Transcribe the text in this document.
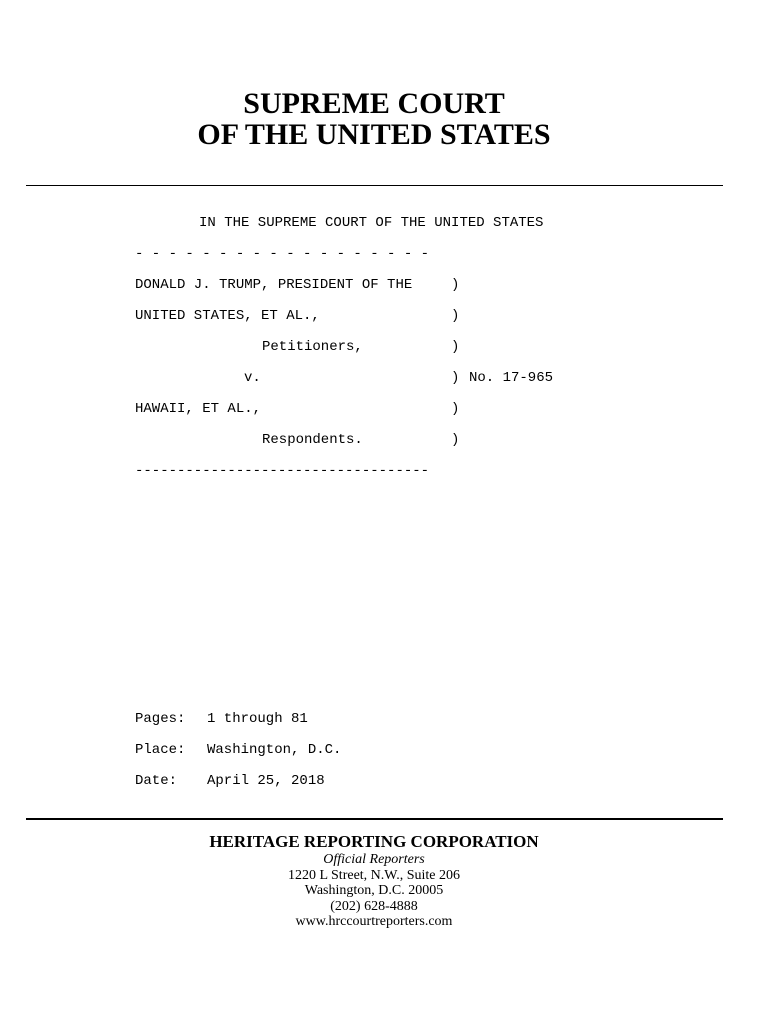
SUPREME COURT
OF THE UNITED STATES
IN THE SUPREME COURT OF THE UNITED STATES
- - - - - - - - - - - - - - - - - -
DONALD J. TRUMP, PRESIDENT OF THE	)
UNITED STATES, ET AL.,	)
Petitioners,	)
v.	) No. 17-965
HAWAII, ET AL.,	)
Respondents.	)
-----------------------------------
Pages: 1 through 81
Place: Washington, D.C.
Date: April 25, 2018
HERITAGE REPORTING CORPORATION
Official Reporters
1220 L Street, N.W., Suite 206
Washington, D.C. 20005
(202) 628-4888
www.hrccourtreporters.com
